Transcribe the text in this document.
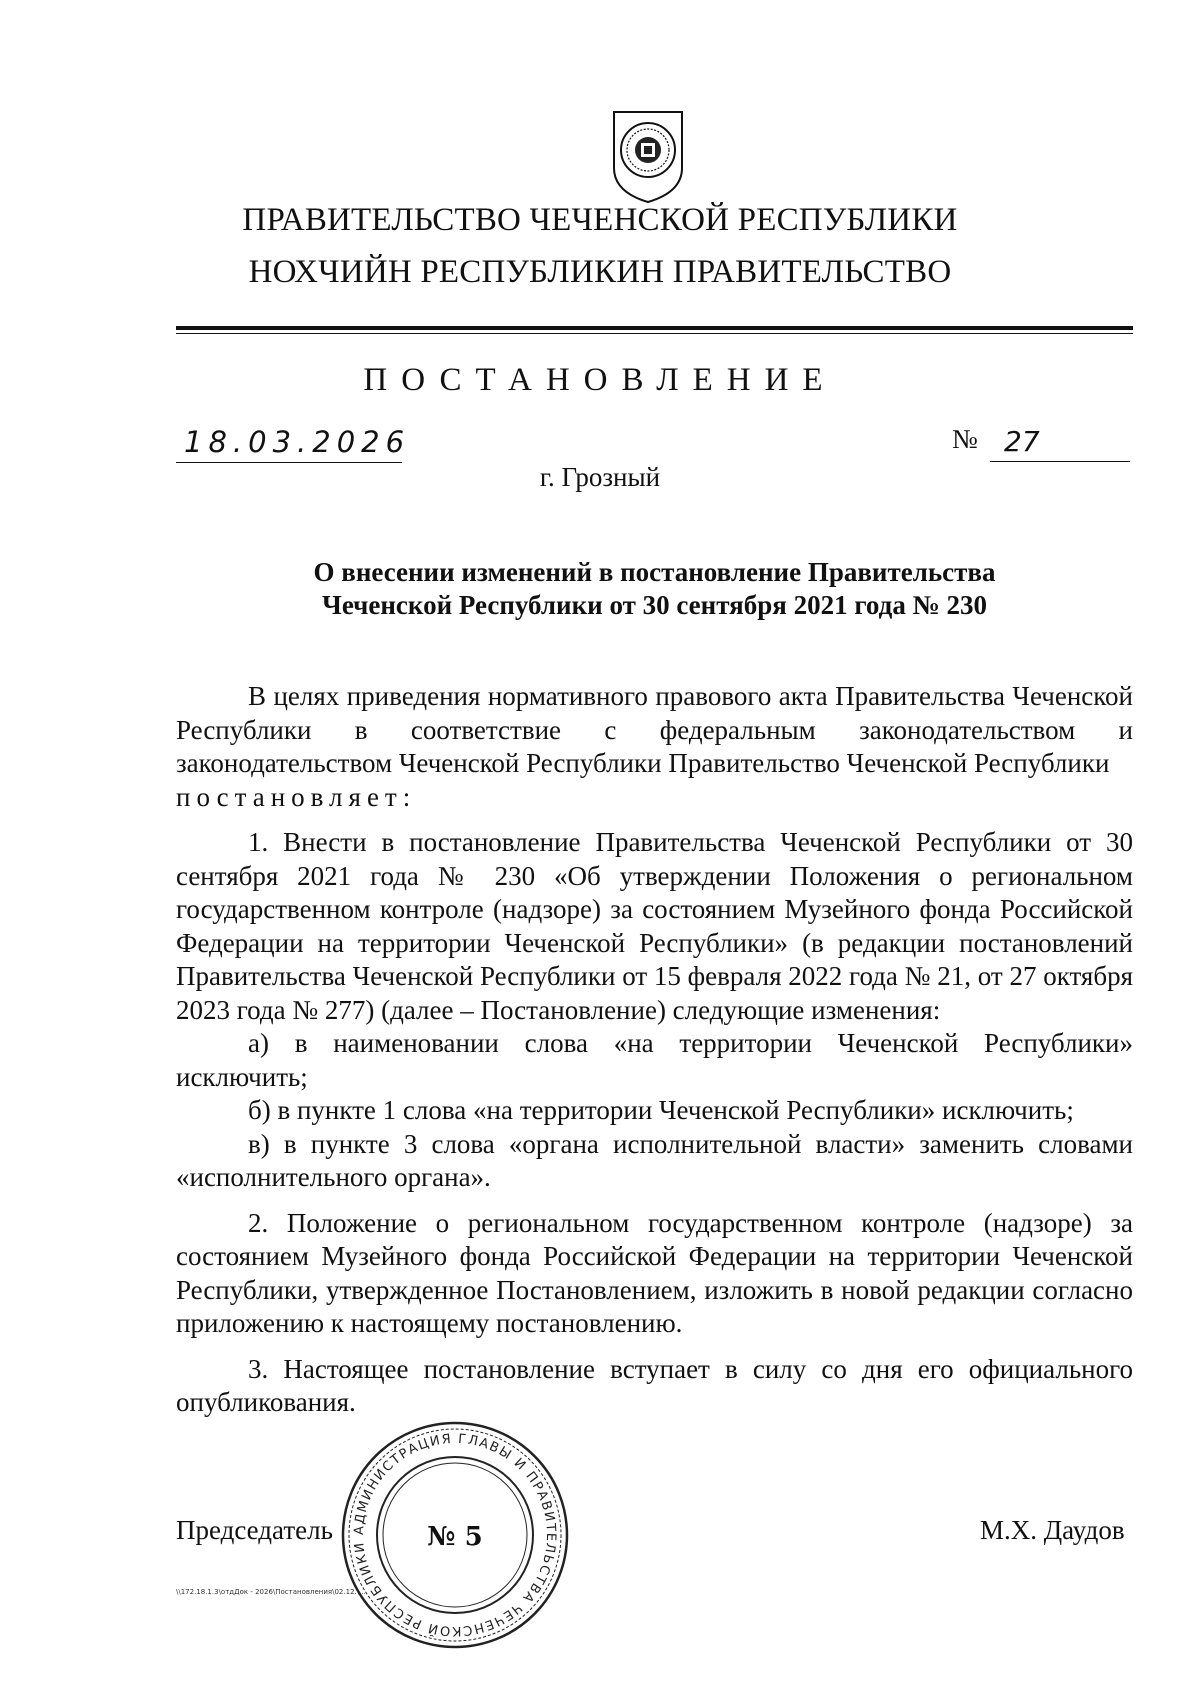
ПРАВИТЕЛЬСТВО ЧЕЧЕНСКОЙ РЕСПУБЛИКИ
НОХЧИЙН РЕСПУБЛИКИН ПРАВИТЕЛЬСТВО
ПОСТАНОВЛЕНИЕ
18.03.2026	№ 27
г. Грозный
О внесении изменений в постановление Правительства
Чеченской Республики от 30 сентября 2021 года № 230

В целях приведения нормативного правового акта Правительства Чеченской Республики в соответствие с федеральным законодательством и законодательством Чеченской Республики Правительство Чеченской Республики

постановляет:

1. Внести в постановление Правительства Чеченской Республики от 30 сентября 2021 года № 230 «Об утверждении Положения о региональном государственном контроле (надзоре) за состоянием Музейного фонда Российской Федерации на территории Чеченской Республики» (в редакции постановлений Правительства Чеченской Республики от 15 февраля 2022 года № 21, от 27 октября 2023 года № 277) (далее – Постановление) следующие изменения:

а) в наименовании слова «на территории Чеченской Республики» исключить;

б) в пункте 1 слова «на территории Чеченской Республики» исключить;

в) в пункте 3 слова «органа исполнительной власти» заменить словами «исполнительного органа».

2. Положение о региональном государственном контроле (надзоре) за состоянием Музейного фонда Российской Федерации на территории Чеченской Республики, утвержденное Постановлением, изложить в новой редакции согласно приложению к настоящему постановлению.

3. Настоящее постановление вступает в силу со дня его официального опубликования.

Председатель	М.Х. Даудов
\\172.18.1.3\отдДок - 2026\Постановления\02.12.\...
АДМИНИСТРАЦИЯ ГЛАВЫ И ПРАВИТЕЛЬСТВА ЧЕЧЕНСКОЙ РЕСПУБЛИКИ	№ 5
